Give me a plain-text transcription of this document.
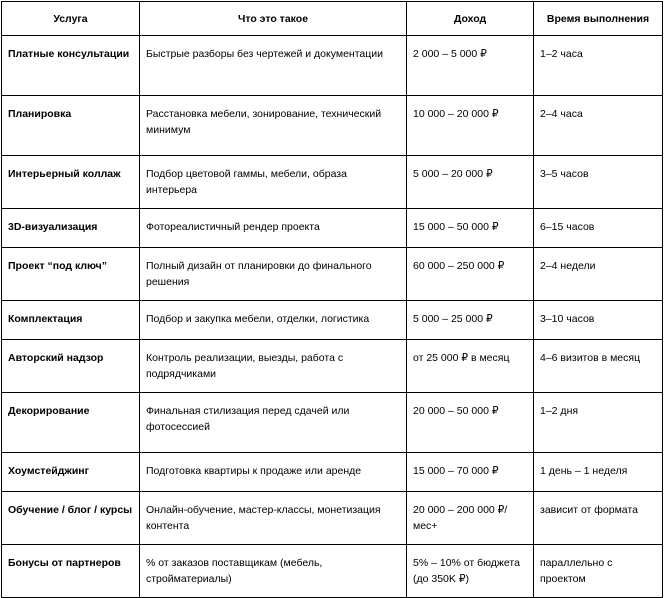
Услуга	Что это такое	Доход	Время выполнения
Платные консультации	Быстрые разборы без чертежей и документации	2 000 – 5 000 ₽	1–2 часа
Планировка	Расстановка мебели, зонирование, технический минимум	10 000 – 20 000 ₽	2–4 часа
Интерьерный коллаж	Подбор цветовой гаммы, мебели, образа интерьера	5 000 – 20 000 ₽	3–5 часов
3D-визуализация	Фотореалистичный рендер проекта	15 000 – 50 000 ₽	6–15 часов
Проект “под ключ”	Полный дизайн от планировки до финального решения	60 000 – 250 000 ₽	2–4 недели
Комплектация	Подбор и закупка мебели, отделки, логистика	5 000 – 25 000 ₽	3–10 часов
Авторский надзор	Контроль реализации, выезды, работа с подрядчиками	от 25 000 ₽ в месяц	4–6 визитов в месяц
Декорирование	Финальная стилизация перед сдачей или фотосессией	20 000 – 50 000 ₽	1–2 дня
Хоумстейджинг	Подготовка квартиры к продаже или аренде	15 000 – 70 000 ₽	1 день – 1 неделя
Обучение / блог / курсы	Онлайн-обучение, мастер-классы, монетизация контента	20 000 – 200 000 ₽/мес+	зависит от формата
Бонусы от партнеров	% от заказов поставщикам (мебель, стройматериалы)	5% – 10% от бюджета (до 350K ₽)	параллельно с проектом
